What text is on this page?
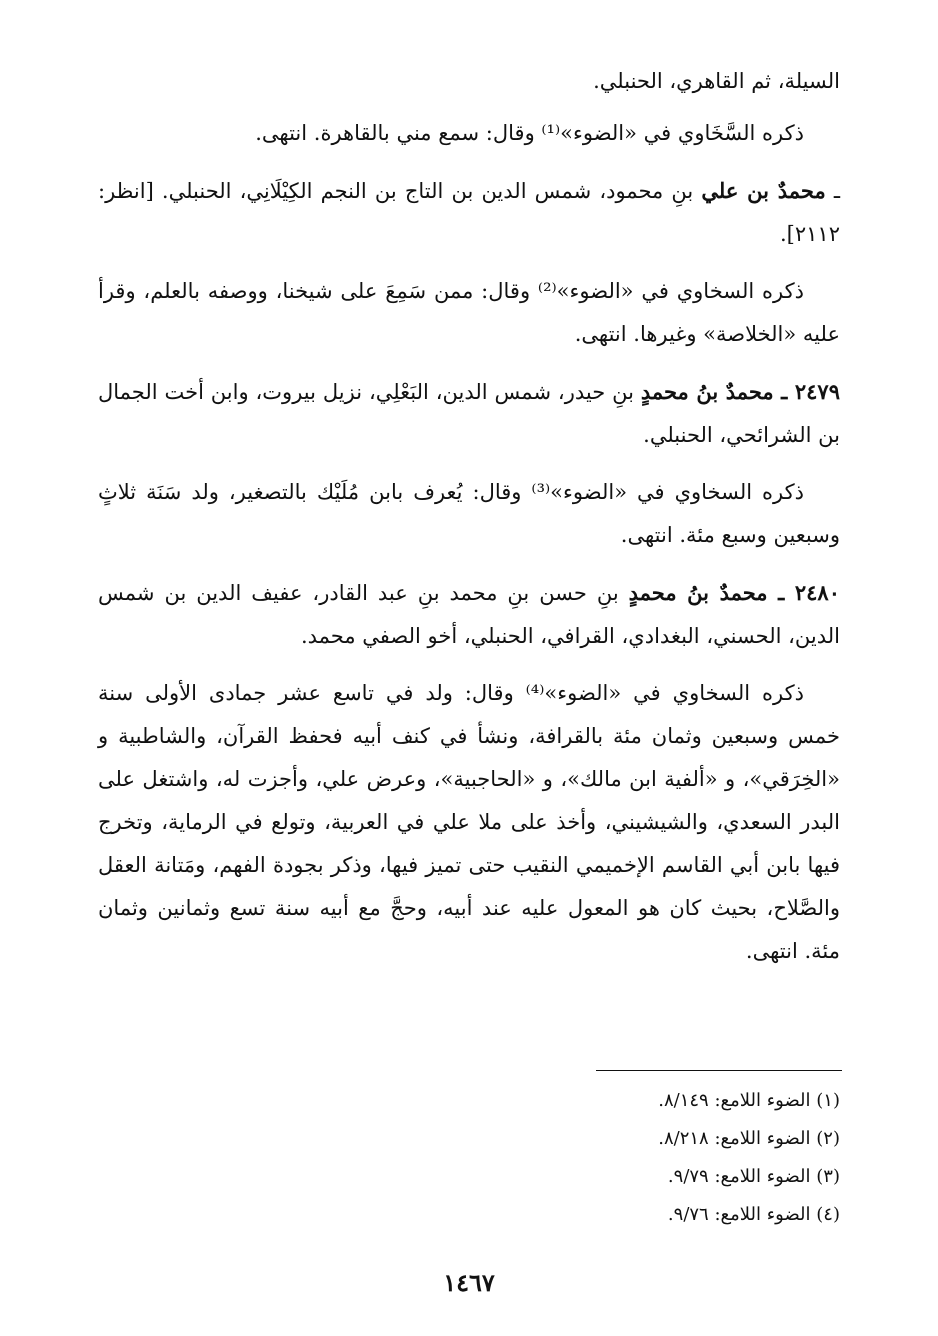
السيلة، ثم القاهري، الحنبلي.

ذكره السَّخَاوي في «الضوء»⁽¹⁾ وقال: سمع مني بالقاهرة. انتهى.

ـ محمدٌ بن علي بنِ محمود، شمس الدين بن التاج بن النجم الكِيْلَانِي، الحنبلي. [انظر: ٢١١٢].

ذكره السخاوي في «الضوء»⁽²⁾ وقال: ممن سَمِعَ على شيخنا، ووصفه بالعلم، وقرأ عليه «الخلاصة» وغيرها. انتهى.

٢٤٧٩ ـ محمدٌ بنُ محمدٍ بنِ حيدر، شمس الدين، البَعْلِي، نزيل بيروت، وابن أخت الجمال بن الشرائحي، الحنبلي.

ذكره السخاوي في «الضوء»⁽³⁾ وقال: يُعرف بابن مُلَيْك بالتصغير، ولد سَنَة ثلاثٍ وسبعين وسبع مئة. انتهى.

٢٤٨٠ ـ محمدٌ بنُ محمدٍ بنِ حسن بنِ محمد بنِ عبد القادر، عفيف الدين بن شمس الدين، الحسني، البغدادي، القرافي، الحنبلي، أخو الصفي محمد.

ذكره السخاوي في «الضوء»⁽⁴⁾ وقال: ولد في تاسع عشر جمادى الأولى سنة خمس وسبعين وثمان مئة بالقرافة، ونشأ في كنف أبيه فحفظ القرآن، والشاطبية و «الخِرَقي»، و «ألفية ابن مالك»، و «الحاجبية»، وعرض علي، وأجزت له، واشتغل على البدر السعدي، والشيشيني، وأخذ على ملا علي في العربية، وتولع في الرماية، وتخرج فيها بابن أبي القاسم الإخميمي النقيب حتى تميز فيها، وذكر بجودة الفهم، ومَتانة العقل والصَّلاح، بحيث كان هو المعول عليه عند أبيه، وحجَّ مع أبيه سنة تسع وثمانين وثمان مئة. انتهى.

(١) الضوء اللامع: ٨/١٤٩.
(٢) الضوء اللامع: ٨/٢١٨.
(٣) الضوء اللامع: ٩/٧٩.
(٤) الضوء اللامع: ٩/٧٦.
١٤٦٧
